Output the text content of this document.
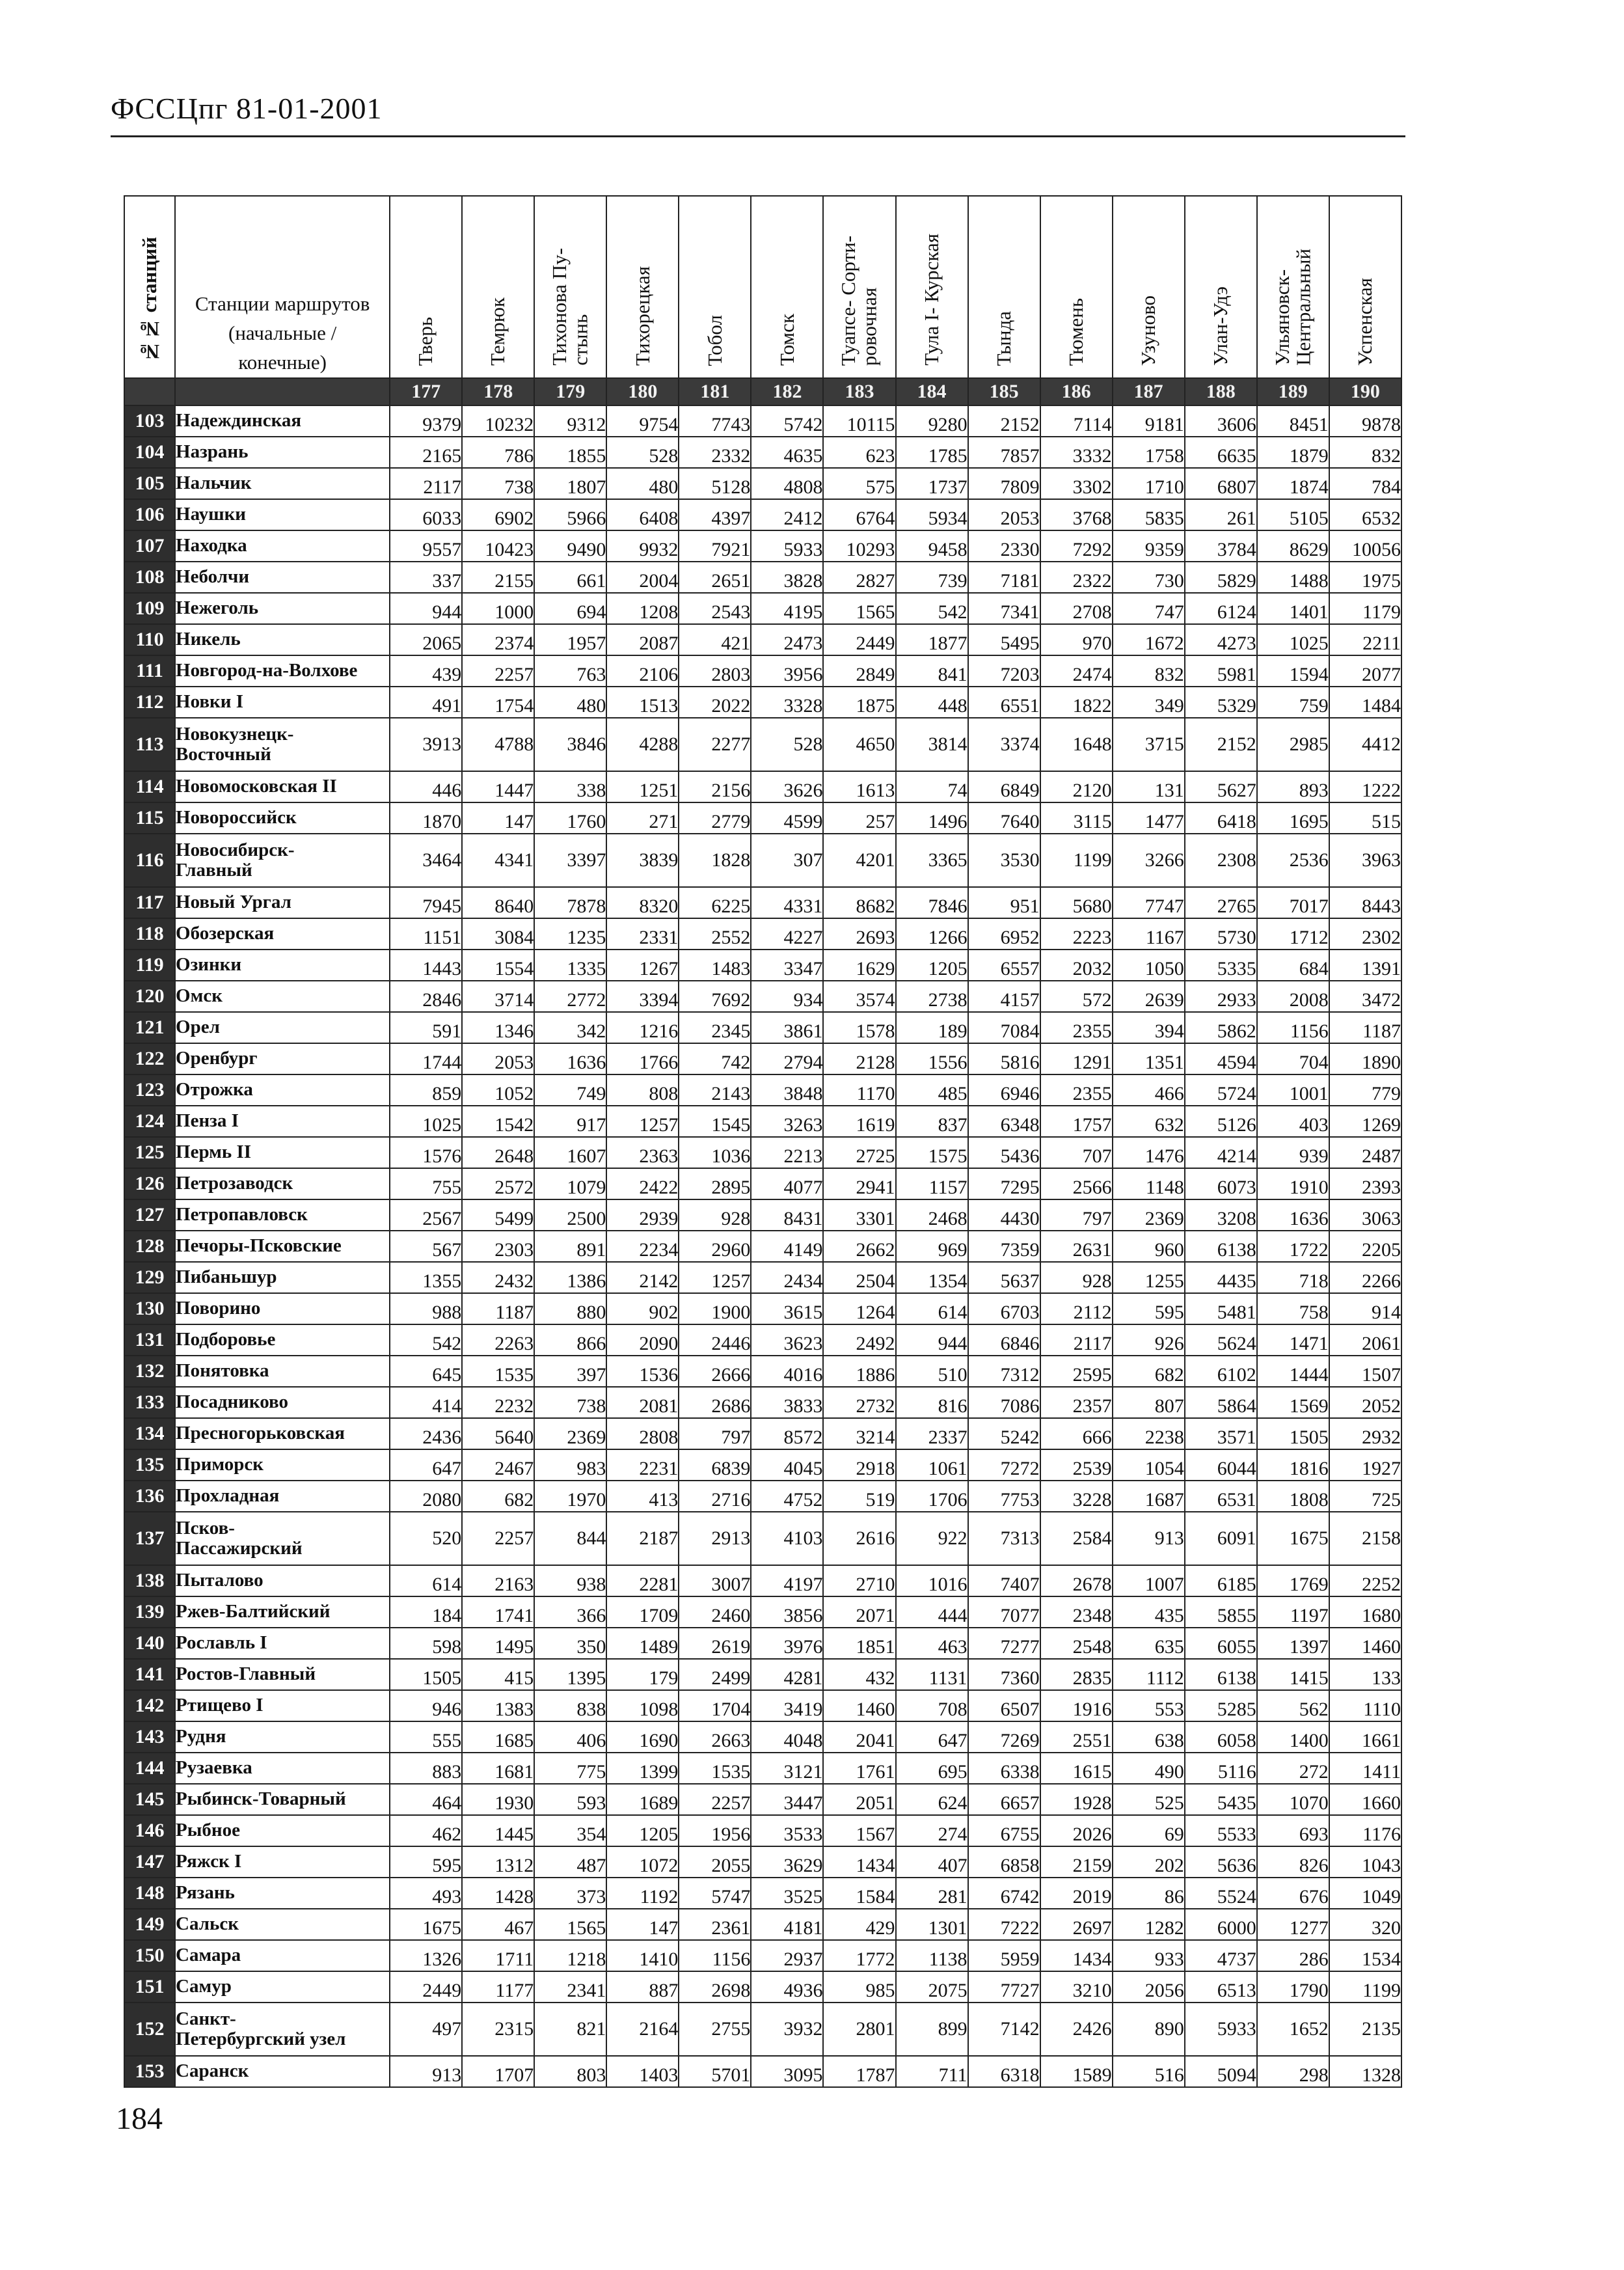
ФССЦпг 81-01-2001
№№ станций	Станции маршрутов
(начальные /
конечные)	Тверь	Темрюк	Тихонова Пу-
стынь	Тихорецкая	Тобол	Томск	Туапсе- Сорти-
ровочная	Тула I- Курская	Тында	Тюмень	Узуново	Улан-Удэ	Ульяновск-
Центральный	Успенская
		177	178	179	180	181	182	183	184	185	186	187	188	189	190
103	Надеждинская	9379	10232	9312	9754	7743	5742	10115	9280	2152	7114	9181	3606	8451	9878
104	Назрань	2165	786	1855	528	2332	4635	623	1785	7857	3332	1758	6635	1879	832
105	Нальчик	2117	738	1807	480	5128	4808	575	1737	7809	3302	1710	6807	1874	784
106	Наушки	6033	6902	5966	6408	4397	2412	6764	5934	2053	3768	5835	261	5105	6532
107	Находка	9557	10423	9490	9932	7921	5933	10293	9458	2330	7292	9359	3784	8629	10056
108	Неболчи	337	2155	661	2004	2651	3828	2827	739	7181	2322	730	5829	1488	1975
109	Нежеголь	944	1000	694	1208	2543	4195	1565	542	7341	2708	747	6124	1401	1179
110	Никель	2065	2374	1957	2087	421	2473	2449	1877	5495	970	1672	4273	1025	2211
111	Новгород-на-Волхове	439	2257	763	2106	2803	3956	2849	841	7203	2474	832	5981	1594	2077
112	Новки I	491	1754	480	1513	2022	3328	1875	448	6551	1822	349	5329	759	1484
113	Новокузнецк-
Восточный	3913	4788	3846	4288	2277	528	4650	3814	3374	1648	3715	2152	2985	4412
114	Новомосковская II	446	1447	338	1251	2156	3626	1613	74	6849	2120	131	5627	893	1222
115	Новороссийск	1870	147	1760	271	2779	4599	257	1496	7640	3115	1477	6418	1695	515
116	Новосибирск-
Главный	3464	4341	3397	3839	1828	307	4201	3365	3530	1199	3266	2308	2536	3963
117	Новый Ургал	7945	8640	7878	8320	6225	4331	8682	7846	951	5680	7747	2765	7017	8443
118	Обозерская	1151	3084	1235	2331	2552	4227	2693	1266	6952	2223	1167	5730	1712	2302
119	Озинки	1443	1554	1335	1267	1483	3347	1629	1205	6557	2032	1050	5335	684	1391
120	Омск	2846	3714	2772	3394	7692	934	3574	2738	4157	572	2639	2933	2008	3472
121	Орел	591	1346	342	1216	2345	3861	1578	189	7084	2355	394	5862	1156	1187
122	Оренбург	1744	2053	1636	1766	742	2794	2128	1556	5816	1291	1351	4594	704	1890
123	Отрожка	859	1052	749	808	2143	3848	1170	485	6946	2355	466	5724	1001	779
124	Пенза I	1025	1542	917	1257	1545	3263	1619	837	6348	1757	632	5126	403	1269
125	Пермь II	1576	2648	1607	2363	1036	2213	2725	1575	5436	707	1476	4214	939	2487
126	Петрозаводск	755	2572	1079	2422	2895	4077	2941	1157	7295	2566	1148	6073	1910	2393
127	Петропавловск	2567	5499	2500	2939	928	8431	3301	2468	4430	797	2369	3208	1636	3063
128	Печоры-Псковские	567	2303	891	2234	2960	4149	2662	969	7359	2631	960	6138	1722	2205
129	Пибаньшур	1355	2432	1386	2142	1257	2434	2504	1354	5637	928	1255	4435	718	2266
130	Поворино	988	1187	880	902	1900	3615	1264	614	6703	2112	595	5481	758	914
131	Подборовье	542	2263	866	2090	2446	3623	2492	944	6846	2117	926	5624	1471	2061
132	Понятовка	645	1535	397	1536	2666	4016	1886	510	7312	2595	682	6102	1444	1507
133	Посадниково	414	2232	738	2081	2686	3833	2732	816	7086	2357	807	5864	1569	2052
134	Пресногорьковская	2436	5640	2369	2808	797	8572	3214	2337	5242	666	2238	3571	1505	2932
135	Приморск	647	2467	983	2231	6839	4045	2918	1061	7272	2539	1054	6044	1816	1927
136	Прохладная	2080	682	1970	413	2716	4752	519	1706	7753	3228	1687	6531	1808	725
137	Псков-
Пассажирский	520	2257	844	2187	2913	4103	2616	922	7313	2584	913	6091	1675	2158
138	Пыталово	614	2163	938	2281	3007	4197	2710	1016	7407	2678	1007	6185	1769	2252
139	Ржев-Балтийский	184	1741	366	1709	2460	3856	2071	444	7077	2348	435	5855	1197	1680
140	Рославль I	598	1495	350	1489	2619	3976	1851	463	7277	2548	635	6055	1397	1460
141	Ростов-Главный	1505	415	1395	179	2499	4281	432	1131	7360	2835	1112	6138	1415	133
142	Ртищево I	946	1383	838	1098	1704	3419	1460	708	6507	1916	553	5285	562	1110
143	Рудня	555	1685	406	1690	2663	4048	2041	647	7269	2551	638	6058	1400	1661
144	Рузаевка	883	1681	775	1399	1535	3121	1761	695	6338	1615	490	5116	272	1411
145	Рыбинск-Товарный	464	1930	593	1689	2257	3447	2051	624	6657	1928	525	5435	1070	1660
146	Рыбное	462	1445	354	1205	1956	3533	1567	274	6755	2026	69	5533	693	1176
147	Ряжск I	595	1312	487	1072	2055	3629	1434	407	6858	2159	202	5636	826	1043
148	Рязань	493	1428	373	1192	5747	3525	1584	281	6742	2019	86	5524	676	1049
149	Сальск	1675	467	1565	147	2361	4181	429	1301	7222	2697	1282	6000	1277	320
150	Самара	1326	1711	1218	1410	1156	2937	1772	1138	5959	1434	933	4737	286	1534
151	Самур	2449	1177	2341	887	2698	4936	985	2075	7727	3210	2056	6513	1790	1199
152	Санкт-
Петербургский узел	497	2315	821	2164	2755	3932	2801	899	7142	2426	890	5933	1652	2135
153	Саранск	913	1707	803	1403	5701	3095	1787	711	6318	1589	516	5094	298	1328
184
